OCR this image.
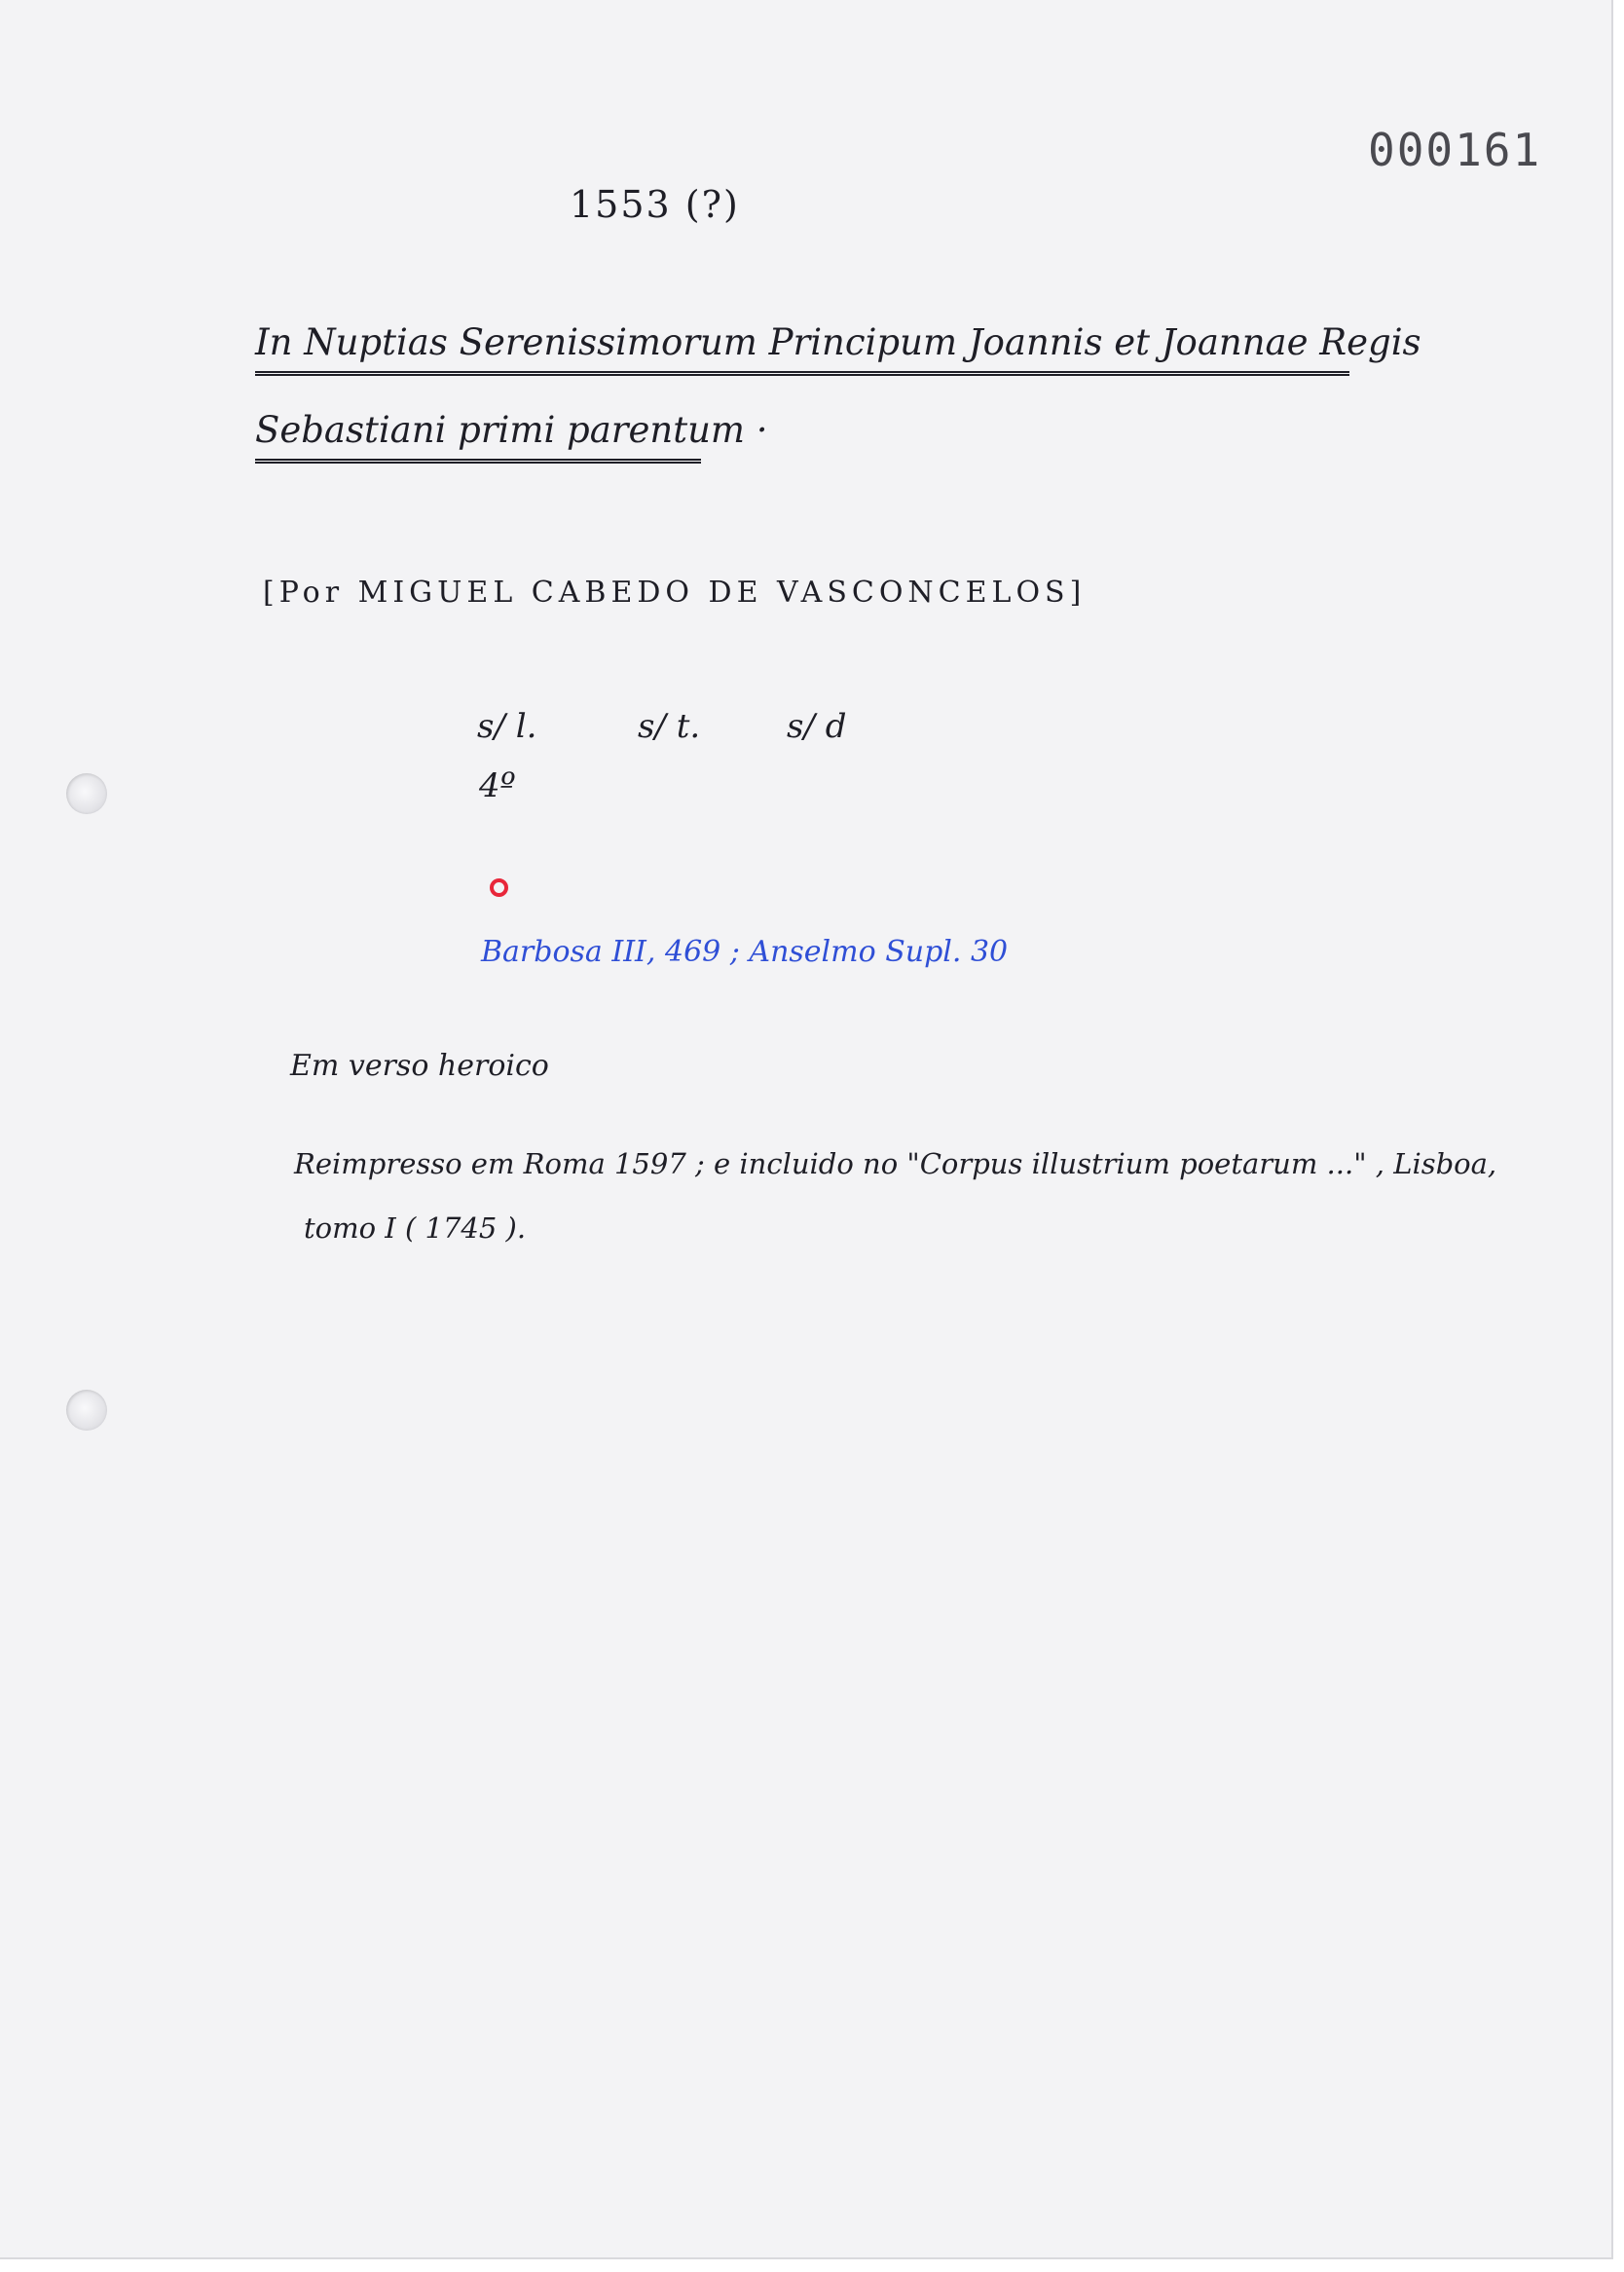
000161
1553 (?)
In Nuptias Serenissimorum Principum Joannis et Joannae Regis
Sebastiani primi parentum ·
[Por MIGUEL CABEDO DE VASCONCELOS]
s/ l.	s/ t.	s/ d
4º
Barbosa III, 469 ; Anselmo Supl. 30
Em verso heroico
Reimpresso em Roma 1597 ; e incluido no "Corpus illustrium poetarum ..." , Lisboa,
tomo I ( 1745 ).
